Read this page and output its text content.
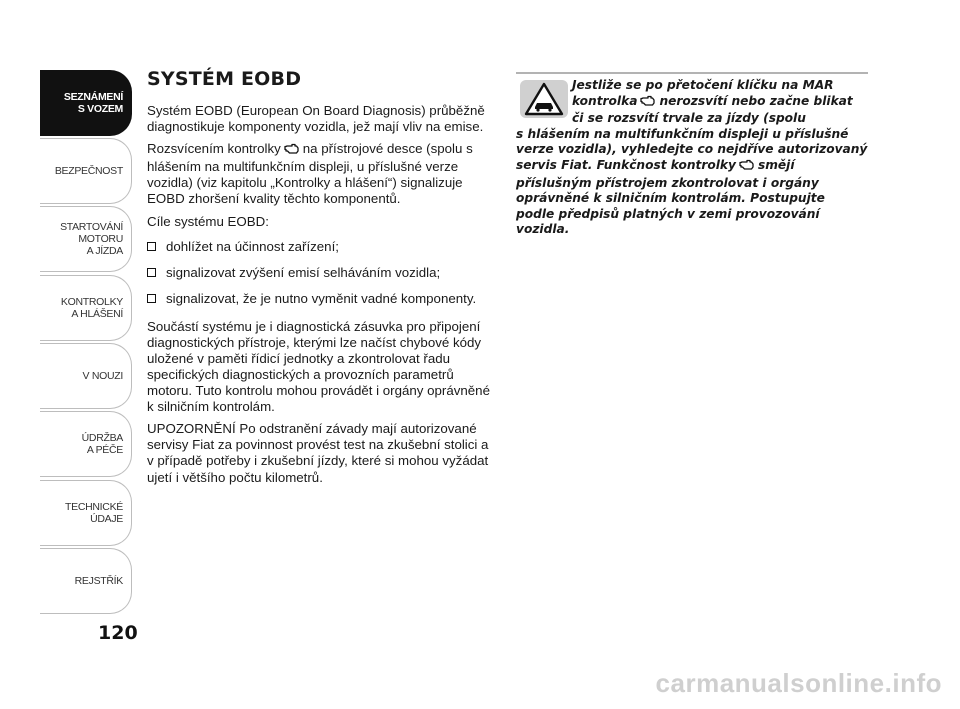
SEZNÁMENÍ
S VOZEM
BEZPEČNOST
STARTOVÁNÍ
MOTORU
A JÍZDA
KONTROLKY
A HLÁŠENÍ
V NOUZI
ÚDRŽBA
A PÉČE
TECHNICKÉ
ÚDAJE
REJSTŘÍK
120
SYSTÉM EOBD

Systém EOBD (European On Board Diagnosis) průběžně diagnostikuje komponenty vozidla, jež mají vliv na emise.

Rozsvícením kontrolky na přístrojové desce (spolu s hlášením na multifunkčním displeji, u příslušné verze vozidla) (viz kapitolu „Kontrolky a hlášení“) signalizuje EOBD zhoršení kvality těchto komponentů.

Cíle systému EOBD:

dohlížet na účinnost zařízení;
signalizovat zvýšení emisí selháváním vozidla;
signalizovat, že je nutno vyměnit vadné komponenty.

Součástí systému je i diagnostická zásuvka pro připojení diagnostických přístroje, kterými lze načíst chybové kódy uložené v paměti řídicí jednotky a zkontrolovat řadu specifických diagnostických a provozních parametrů motoru. Tuto kontrolu mohou provádět i orgány oprávněné k silničním kontrolám.

UPOZORNĚNÍ Po odstranění závady mají autorizované servisy Fiat za povinnost provést test na zkušební stolici a v případě potřeby i zkušební jízdy, které si mohou vyžádat ujetí i většího počtu kilometrů.

Jestliže se po přetočení klíčku na MAR
kontrolka nerozsvítí nebo začne blikat
či se rozsvítí trvale za jízdy (spolu
s hlášením na multifunkčním displeji u příslušné
verze vozidla), vyhledejte co nejdříve autorizovaný
servis Fiat. Funkčnost kontrolky smějí
příslušným přístrojem zkontrolovat i orgány
oprávněné k silničním kontrolám. Postupujte
podle předpisů platných v zemi provozování
vozidla.
carmanualsonline.info
